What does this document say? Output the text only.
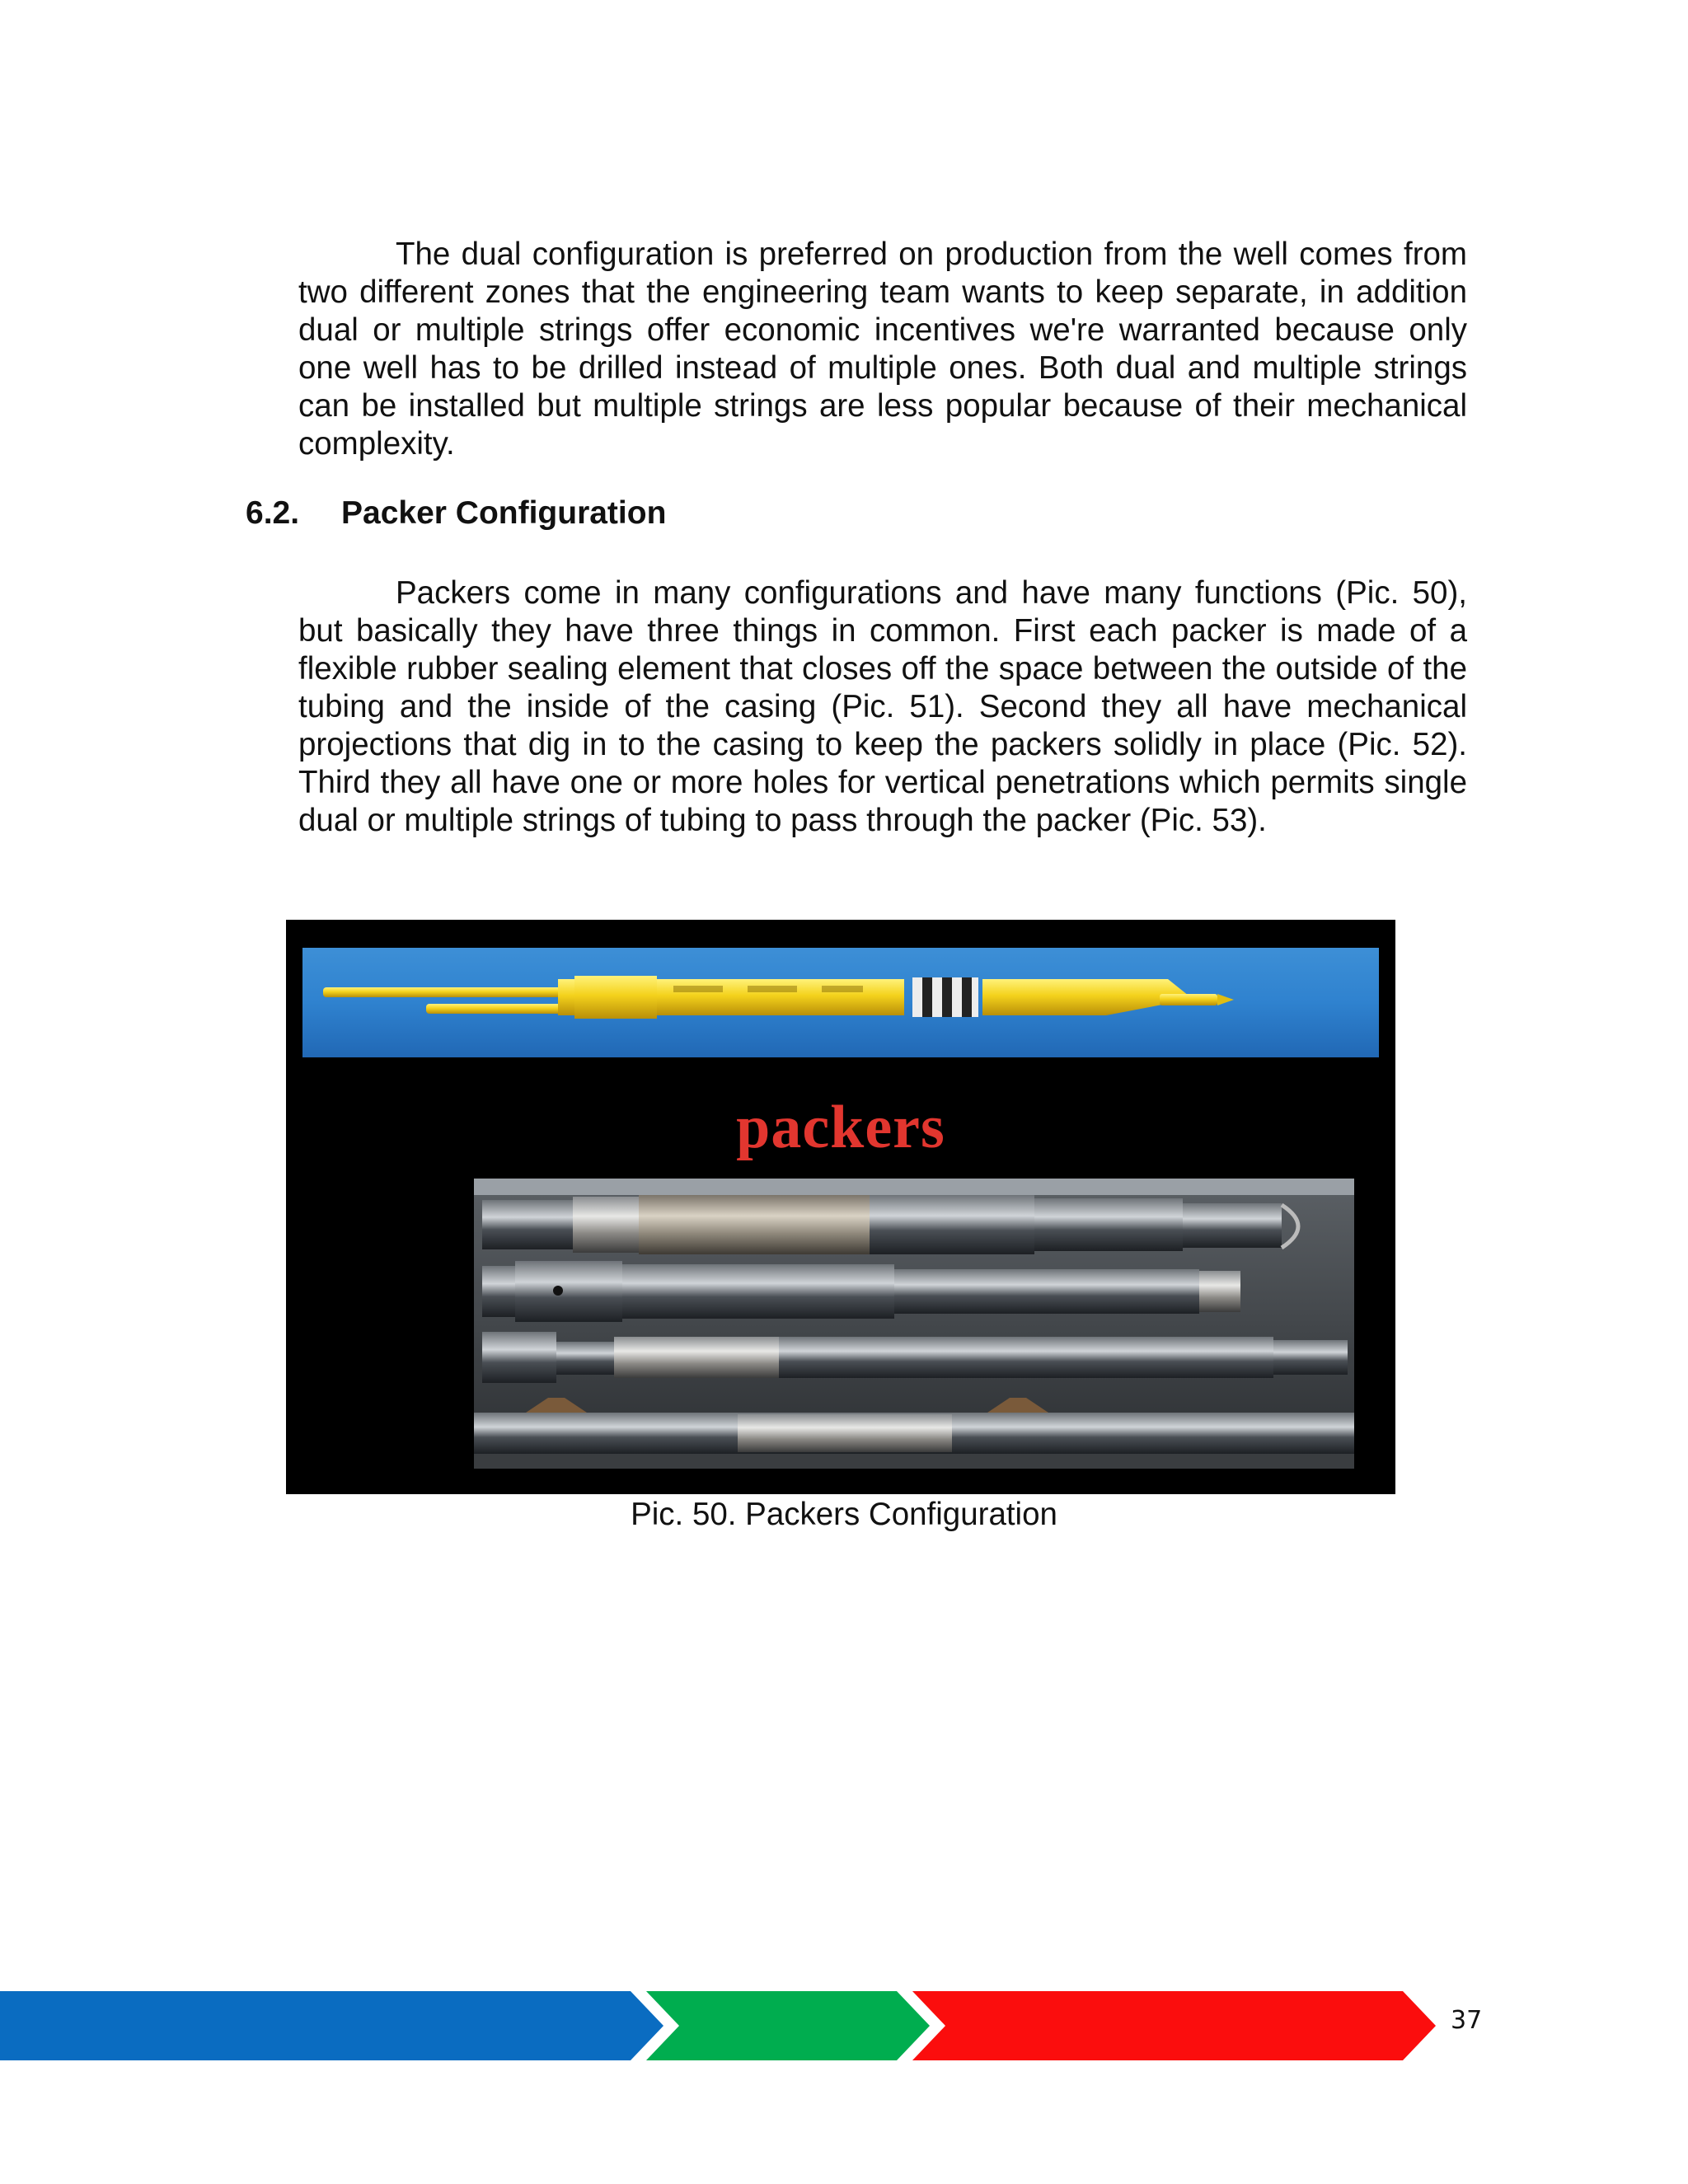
The dual configuration is preferred on production from the well comes from two different zones that the engineering team wants to keep separate, in addition dual or multiple strings offer economic incentives we're warranted because only one well has to be drilled instead of multiple ones. Both dual and multiple strings can be installed but multiple strings are less popular because of their mechanical complexity.

6.2. Packer Configuration

Packers come in many configurations and have many functions (Pic. 50), but basically they have three things in common. First each packer is made of a flexible rubber sealing element that closes off the space between the outside of the tubing and the inside of the casing (Pic. 51). Second they all have mechanical projections that dig in to the casing to keep the packers solidly in place (Pic. 52). Third they all have one or more holes for vertical penetrations which permits single dual or multiple strings of tubing to pass through the packer (Pic. 53).

packers

Pic. 50. Packers Configuration

37
